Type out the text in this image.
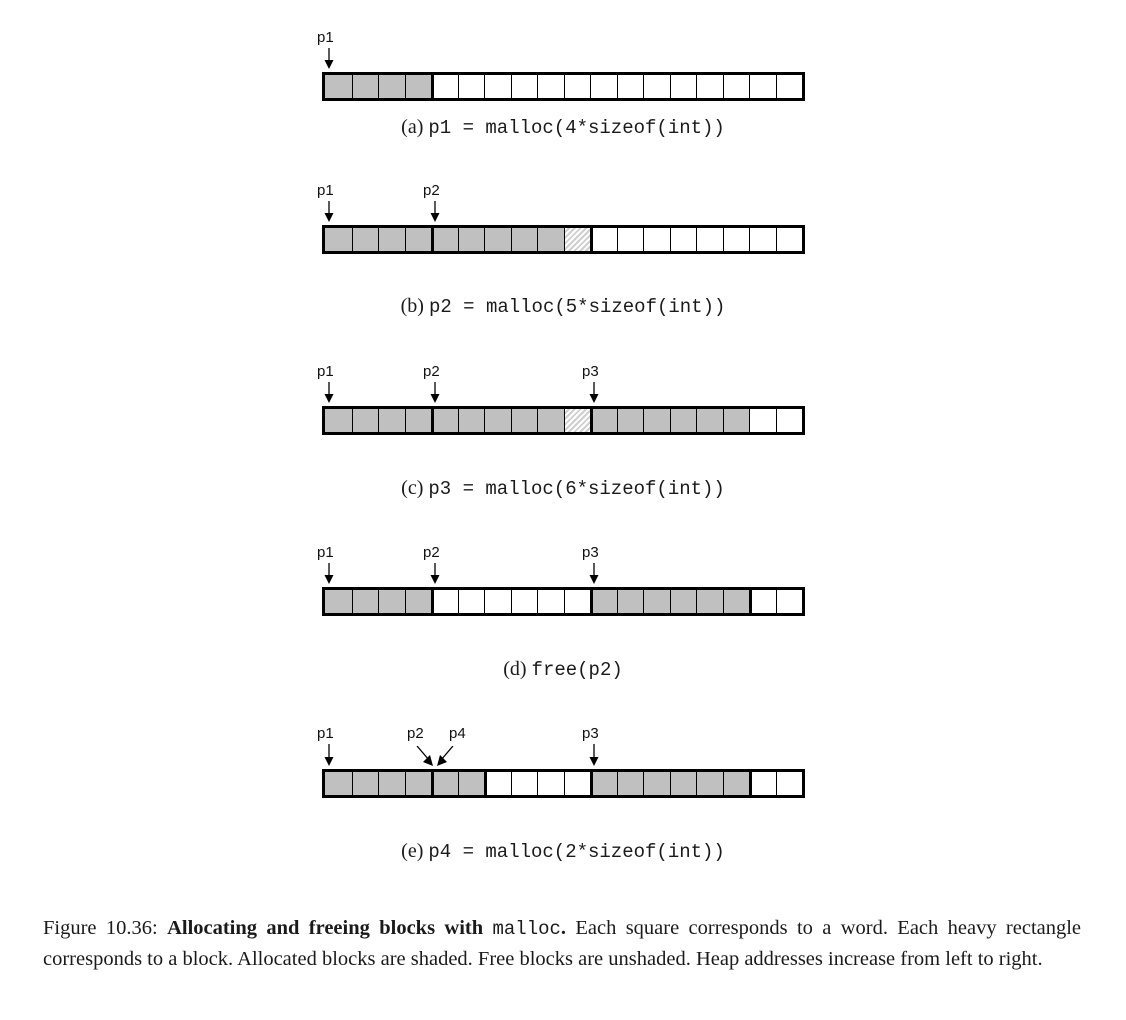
p1
(a) p1 = malloc(4*sizeof(int))
p1	p2
(b) p2 = malloc(5*sizeof(int))
p1	p2	p3
(c) p3 = malloc(6*sizeof(int))
p1	p2	p3
(d) free(p2)
p1	p2 p4	p3
(e) p4 = malloc(2*sizeof(int))
Figure 10.36: Allocating and freeing blocks with malloc. Each square corresponds to a word. Each heavy rectangle corresponds to a block. Allocated blocks are shaded. Free blocks are unshaded. Heap addresses increase from left to right.
